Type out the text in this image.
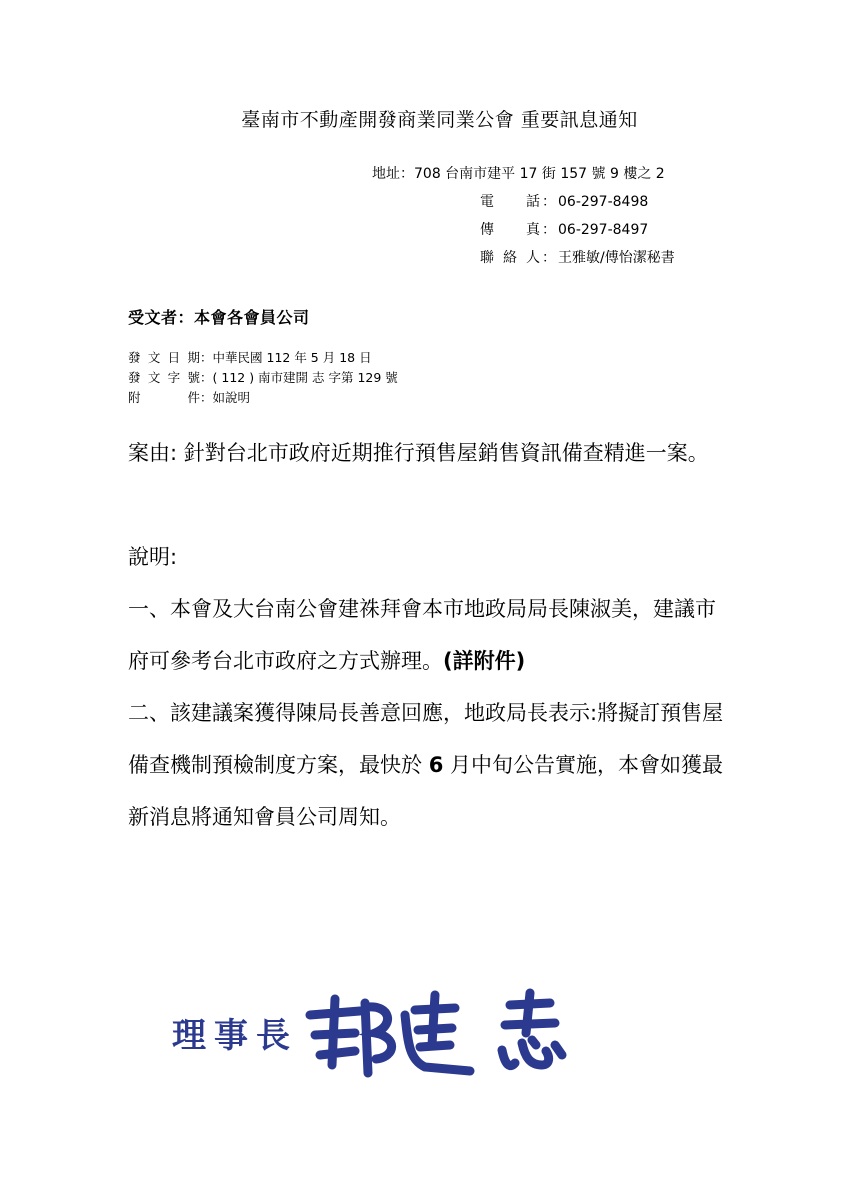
臺南市不動產開發商業同業公會 重要訊息通知
地址：708 台南市建平 17 街 157 號 9 樓之 2
電　　話 ： 06-297-8498
傳　　真 ： 06-297-8497
聯 絡 人 ： 王雅敏/傅怡潔秘書
受文者：本會各會員公司
發文日期：中華民國 112 年 5 月 18 日
發文字號：( 112 ) 南市建開 志 字第 129 號
附　　件：如說明
案由: 針對台北市政府近期推行預售屋銷售資訊備查精進一案。
說明:
一、本會及大台南公會建祩拜會本市地政局局長陳淑美，建議市府可參考台北市政府之方式辦理。(詳附件)
二、該建議案獲得陳局長善意回應，地政局長表示:將擬訂預售屋備查機制預檢制度方案，最快於 6 月中旬公告實施，本會如獲最新消息將通知會員公司周知。
理 事 長
